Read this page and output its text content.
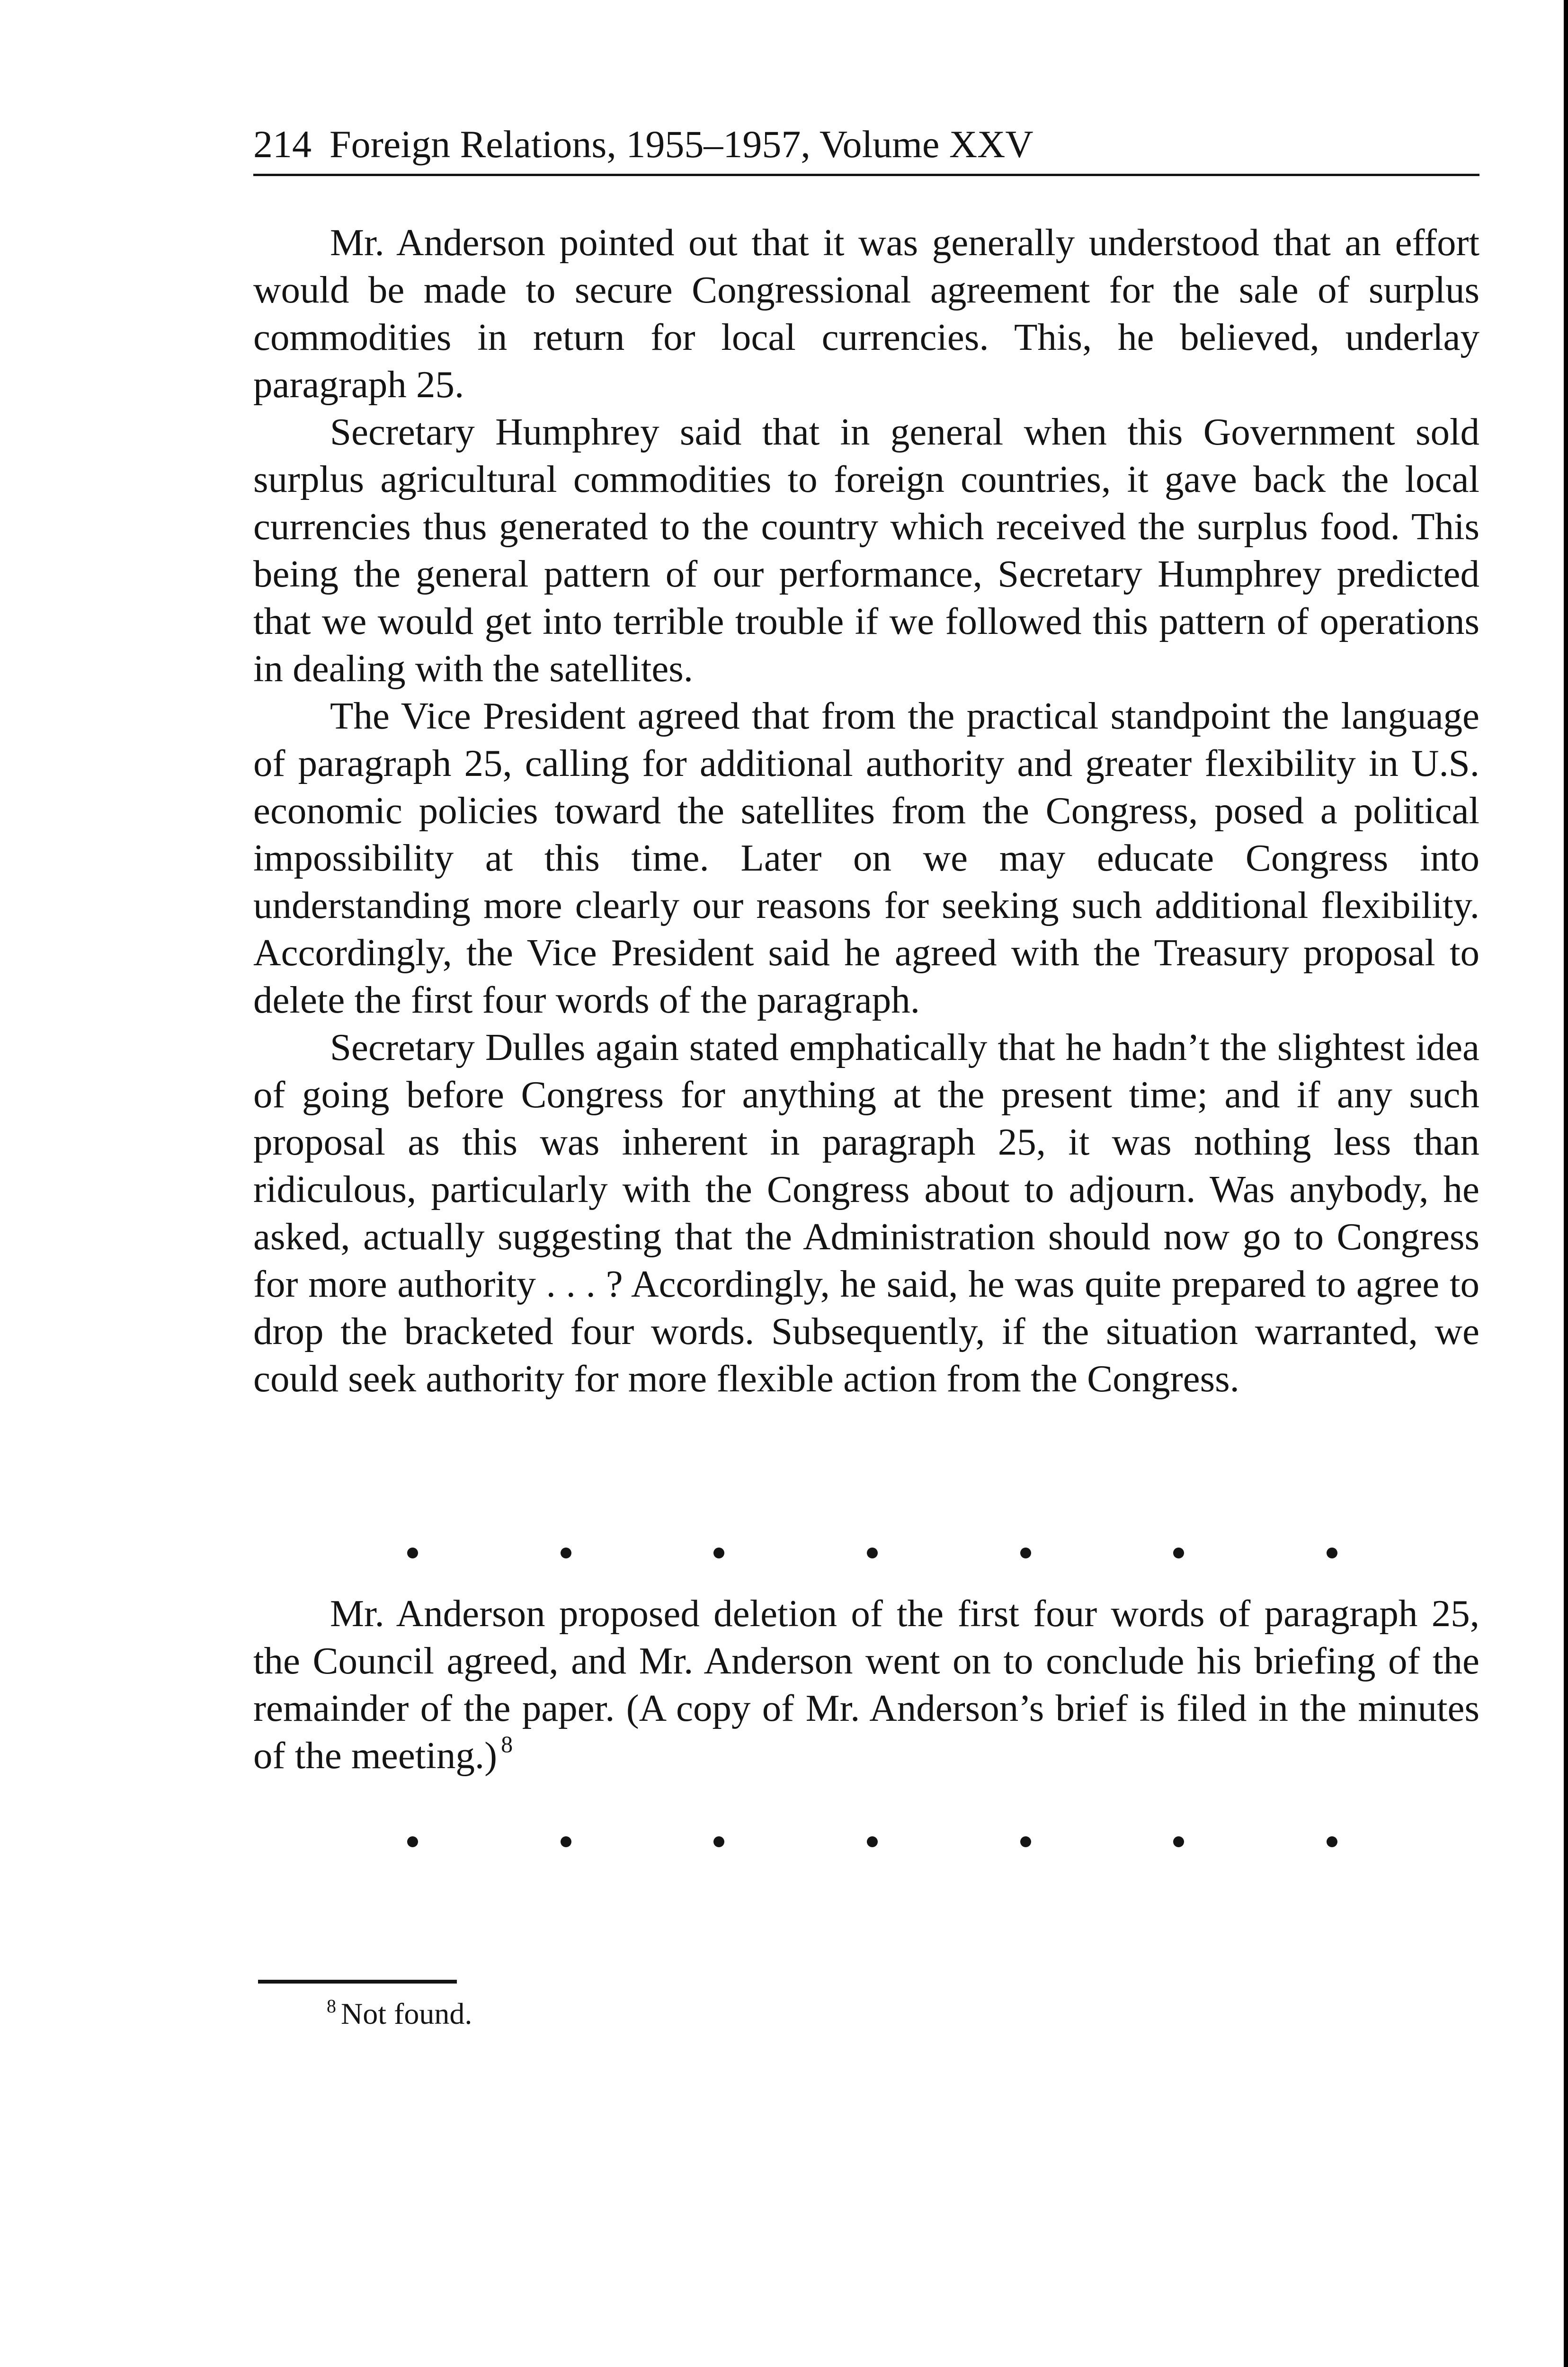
214 Foreign Relations, 1955–1957, Volume XXV

Mr. Anderson pointed out that it was generally understood that an effort would be made to secure Congressional agreement for the sale of surplus commodities in return for local currencies. This, he believed, underlay paragraph 25.

Secretary Humphrey said that in general when this Government sold surplus agricultural commodities to foreign countries, it gave back the local currencies thus generated to the country which received the surplus food. This being the general pattern of our performance, Secretary Humphrey predicted that we would get into terrible trouble if we followed this pattern of operations in dealing with the satellites.

The Vice President agreed that from the practical standpoint the language of paragraph 25, calling for additional authority and greater flexibility in U.S. economic policies toward the satellites from the Congress, posed a political impossibility at this time. Later on we may educate Congress into understanding more clearly our reasons for seeking such additional flexibility. Accordingly, the Vice President said he agreed with the Treasury proposal to delete the first four words of the paragraph.

Secretary Dulles again stated emphatically that he hadn’t the slightest idea of going before Congress for anything at the present time; and if any such proposal as this was inherent in paragraph 25, it was nothing less than ridiculous, particularly with the Congress about to adjourn. Was anybody, he asked, actually suggesting that the Administration should now go to Congress for more authority . . . ? Accordingly, he said, he was quite prepared to agree to drop the bracketed four words. Subsequently, if the situation warranted, we could seek authority for more flexible action from the Congress.

Mr. Anderson proposed deletion of the first four words of paragraph 25, the Council agreed, and Mr. Anderson went on to conclude his briefing of the remainder of the paper. (A copy of Mr. Anderson’s brief is filed in the minutes of the meeting.) $^8$

$^8$ Not found.
